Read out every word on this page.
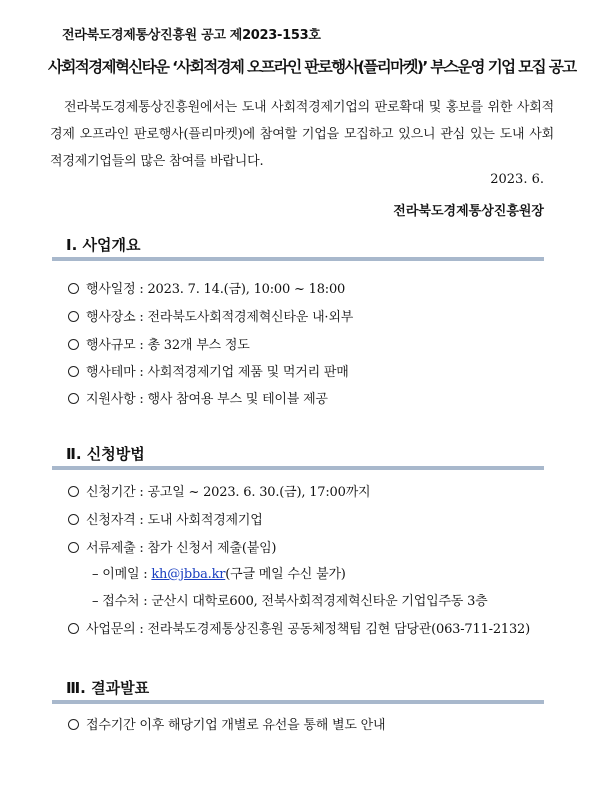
전라북도경제통상진흥원 공고 제2023-153호
사회적경제혁신타운 ‘사회적경제 오프라인 판로행사(플리마켓)’ 부스운영 기업 모집 공고
전라북도경제통상진흥원에서는 도내 사회적경제기업의 판로확대 및 홍보를 위한 사회적경제 오프라인 판로행사(플리마켓)에 참여할 기업을 모집하고 있으니 관심 있는 도내 사회적경제기업들의 많은 참여를 바랍니다.
2023. 6.
전라북도경제통상진흥원장
Ⅰ. 사업개요
행사일정 : 2023. 7. 14.(금), 10:00 ~ 18:00
행사장소 : 전라북도사회적경제혁신타운 내·외부
행사규모 : 총 32개 부스 정도
행사테마 : 사회적경제기업 제품 및 먹거리 판매
지원사항 : 행사 참여용 부스 및 테이블 제공
Ⅱ. 신청방법
신청기간 : 공고일 ~ 2023. 6. 30.(금), 17:00까지
신청자격 : 도내 사회적경제기업
서류제출 : 참가 신청서 제출(붙임)
– 이메일 : kh@jbba.kr(구글 메일 수신 불가)
– 접수처 : 군산시 대학로600, 전북사회적경제혁신타운 기업입주동 3층
사업문의 : 전라북도경제통상진흥원 공동체정책팀 김현 담당관(063-711-2132)
Ⅲ. 결과발표
접수기간 이후 해당기업 개별로 유선을 통해 별도 안내
